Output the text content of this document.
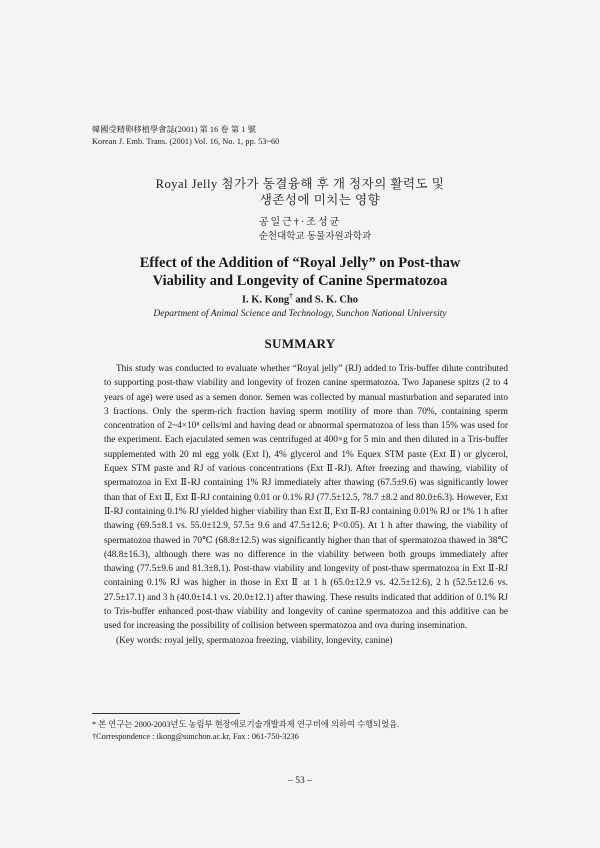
韓國受精卵移植學會誌(2001) 第 16 卷 第 1 號
Korean J. Emb. Trans. (2001) Vol. 16, No. 1, pp. 53~60
Royal Jelly 첨가가 동결융해 후 개 정자의 활력도 및
생존성에 미치는 영향
공일근†·조성균
순천대학교 동물자원과학과
Effect of the Addition of “Royal Jelly” on Post-thaw
Viability and Longevity of Canine Spermatozoa
I. K. Kong† and S. K. Cho
Department of Animal Science and Technology, Sunchon National University
SUMMARY

This study was conducted to evaluate whether “Royal jelly” (RJ) added to Tris-buffer dilute contributed to supporting post-thaw viability and longevity of frozen canine spermatozoa. Two Japanese spitzs (2 to 4 years of age) were used as a semen donor. Semen was collected by manual masturbation and separated into 3 fractions. Only the sperm-rich fraction having sperm motility of more than 70%, containing sperm concentration of 2~4×10⁸ cells/ml and having dead or abnormal spermatozoa of less than 15% was used for the experiment. Each ejaculated semen was centrifuged at 400×g for 5 min and then diluted in a Tris-buffer supplemented with 20 ml egg yolk (Ext I), 4% glycerol and 1% Equex STM paste (Ext Ⅱ) or glycerol, Equex STM paste and RJ of various concentrations (Ext Ⅱ-RJ). After freezing and thawing, viability of spermatozoa in Ext Ⅱ-RJ containing 1% RJ immediately after thawing (67.5±9.6) was significantly lower than that of Ext Ⅱ, Ext Ⅱ-RJ containing 0.01 or 0.1% RJ (77.5±12.5, 78.7 ±8.2 and 80.0±6.3). However, Ext Ⅱ-RJ containing 0.1% RJ yielded higher viability than Ext Ⅱ, Ext Ⅱ-RJ containing 0.01% RJ or 1% 1 h after thawing (69.5±8.1 vs. 55.0±12.9, 57.5± 9.6 and 47.5±12.6; P<0.05). At 1 h after thawing, the viability of spermatozoa thawed in 70℃ (68.8±12.5) was significantly higher than that of spermatozoa thawed in 38℃ (48.8±16.3), although there was no difference in the viability between both groups immediately after thawing (77.5±9.6 and 81.3±8.1). Post-thaw viability and longevity of post-thaw spermatozoa in Ext Ⅱ-RJ containing 0.1% RJ was higher in those in Ext Ⅱ at 1 h (65.0±12.9 vs. 42.5±12.6), 2 h (52.5±12.6 vs. 27.5±17.1) and 3 h (40.0±14.1 vs. 20.0±12.1) after thawing. These results indicated that addition of 0.1% RJ to Tris-buffer enhanced post-thaw viability and longevity of canine spermatozoa and this additive can be used for increasing the possibility of collision between spermatozoa and ova during insemination.

(Key words: royal jelly, spermatozoa freezing, viability, longevity, canine)

* 본 연구는 2000-2003년도 농림부 현장애로기술개발과제 연구비에 의하여 수행되었음.
†Correspondence : ikong@sunchon.ac.kr, Fax : 061-750-3236
– 53 –
